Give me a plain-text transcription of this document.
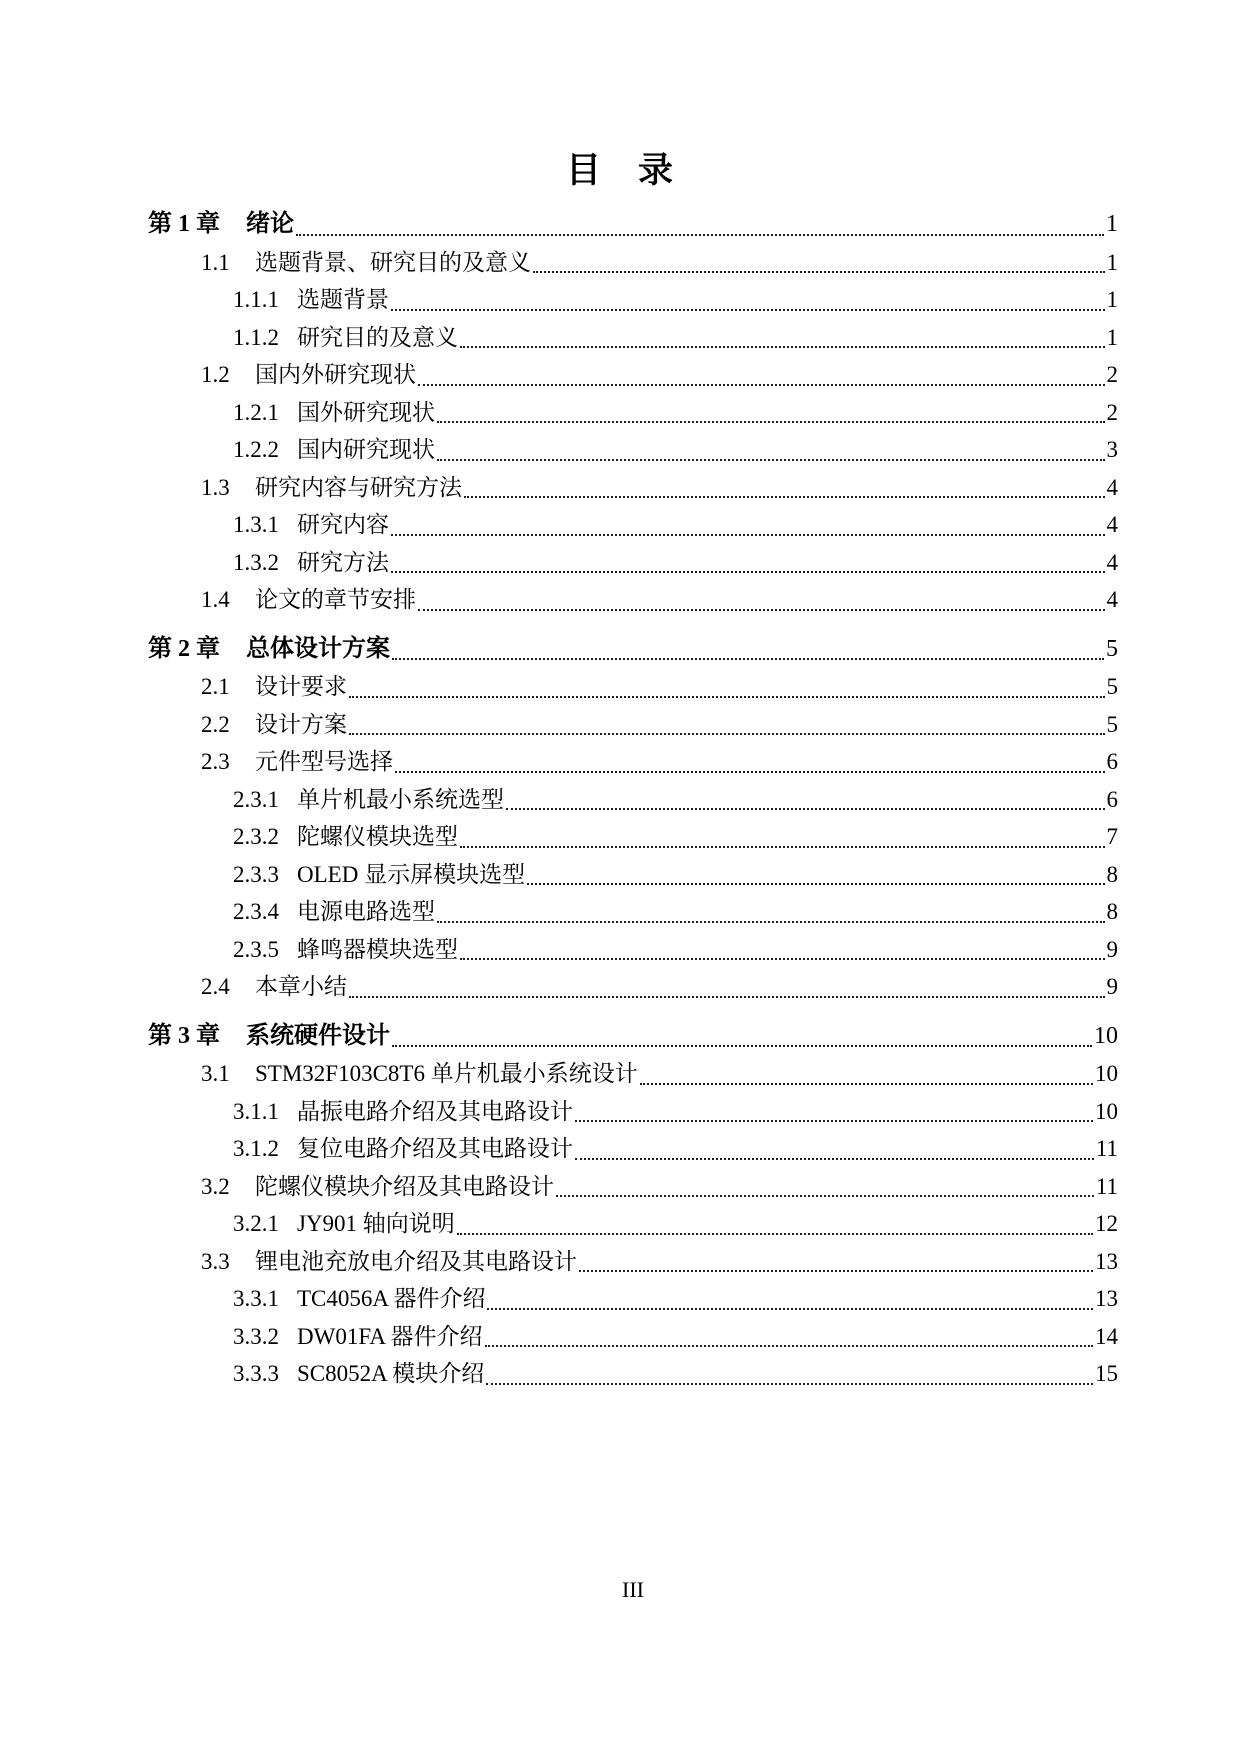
目　录
第 1 章	绪论	1
1.1	选题背景、研究目的及意义	1
1.1.1 选题背景	1
1.1.2 研究目的及意义	1
1.2	国内外研究现状	2
1.2.1 国外研究现状	2
1.2.2 国内研究现状	3
1.3	研究内容与研究方法	4
1.3.1 研究内容	4
1.3.2 研究方法	4
1.4	论文的章节安排	4
第 2 章	总体设计方案	5
2.1	设计要求	5
2.2	设计方案	5
2.3	元件型号选择	6
2.3.1 单片机最小系统选型	6
2.3.2 陀螺仪模块选型	7
2.3.3 OLED 显示屏模块选型	8
2.3.4 电源电路选型	8
2.3.5 蜂鸣器模块选型	9
2.4	本章小结	9
第 3 章	系统硬件设计	10
3.1	STM32F103C8T6 单片机最小系统设计	10
3.1.1 晶振电路介绍及其电路设计	10
3.1.2 复位电路介绍及其电路设计	11
3.2	陀螺仪模块介绍及其电路设计	11
3.2.1 JY901 轴向说明	12
3.3	锂电池充放电介绍及其电路设计	13
3.3.1 TC4056A 器件介绍	13
3.3.2 DW01FA 器件介绍	14
3.3.3 SC8052A 模块介绍	15
III
